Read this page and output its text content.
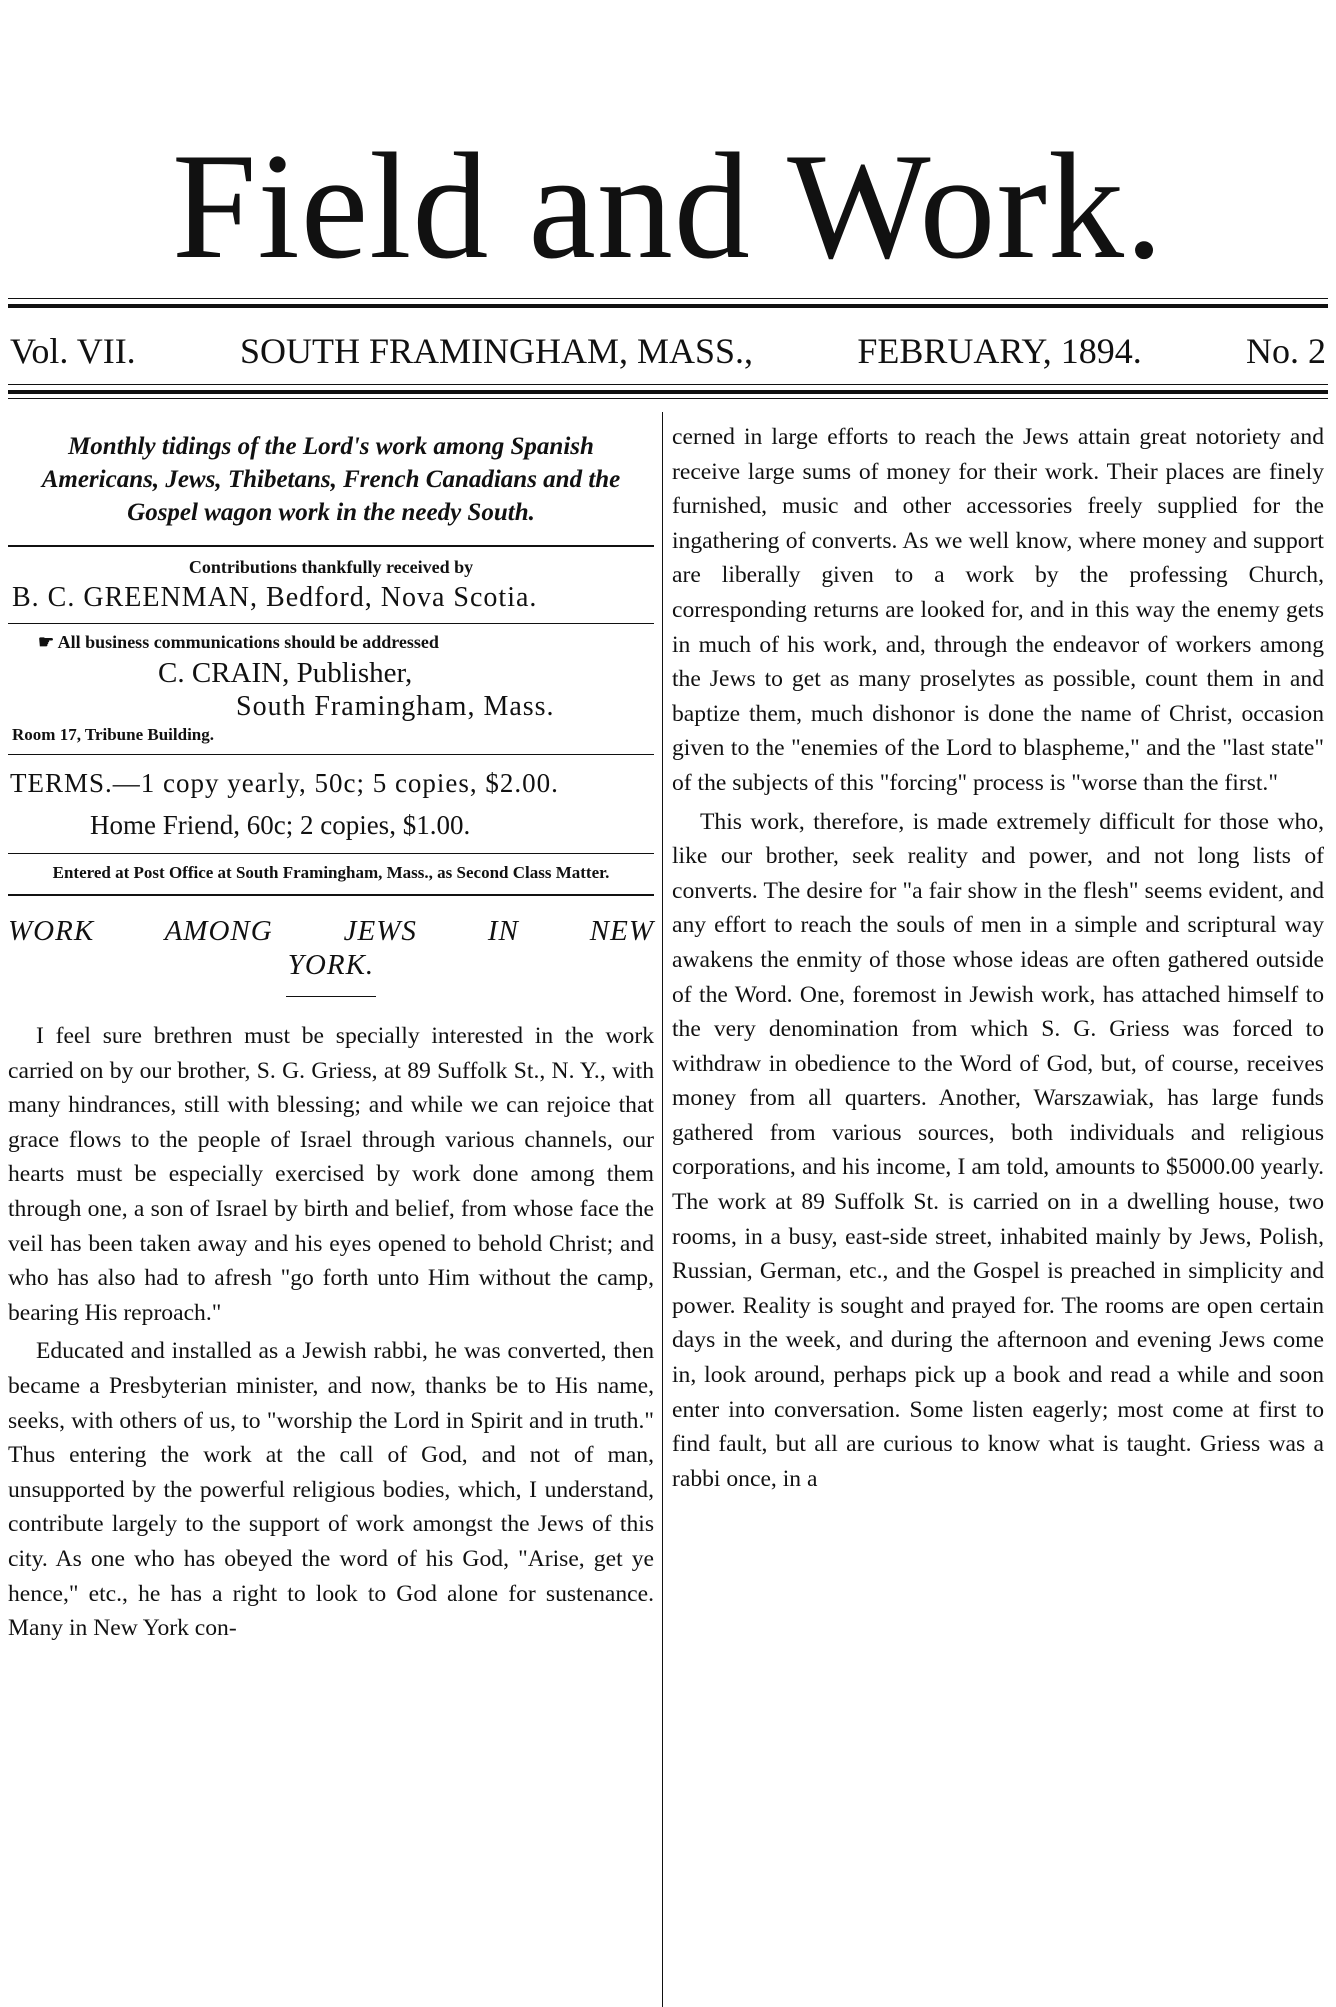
Field and Work.
Vol. VII.	SOUTH FRAMINGHAM, MASS.,	FEBRUARY, 1894.	No. 2

Monthly tidings of the Lord's work among Spanish Americans, Jews, Thibetans, French Canadians and the Gospel wagon work in the needy South.

Contributions thankfully received by

B. C. GREENMAN, Bedford, Nova Scotia.

☛ All business communications should be addressed

C. CRAIN, Publisher,

South Framingham, Mass.

Room 17, Tribune Building.

TERMS.—1 copy yearly, 50c; 5 copies, $2.00.

Home Friend, 60c; 2 copies, $1.00.

Entered at Post Office at South Framingham, Mass., as Second Class Matter.

WORK AMONG JEWS IN NEW

YORK.

I feel sure brethren must be specially interested in the work carried on by our brother, S. G. Griess, at 89 Suffolk St., N. Y., with many hindrances, still with blessing; and while we can rejoice that grace flows to the people of Israel through various channels, our hearts must be especially exercised by work done among them through one, a son of Israel by birth and belief, from whose face the veil has been taken away and his eyes opened to behold Christ; and who has also had to afresh "go forth unto Him without the camp, bearing His reproach."

Educated and installed as a Jewish rabbi, he was converted, then became a Presbyterian minister, and now, thanks be to His name, seeks, with others of us, to "worship the Lord in Spirit and in truth." Thus entering the work at the call of God, and not of man, unsupported by the powerful religious bodies, which, I understand, contribute largely to the support of work amongst the Jews of this city. As one who has obeyed the word of his God, "Arise, get ye hence," etc., he has a right to look to God alone for sustenance. Many in New York con-

cerned in large efforts to reach the Jews attain great notoriety and receive large sums of money for their work. Their places are finely furnished, music and other accessories freely supplied for the ingathering of converts. As we well know, where money and support are liberally given to a work by the professing Church, corresponding returns are looked for, and in this way the enemy gets in much of his work, and, through the endeavor of workers among the Jews to get as many proselytes as possible, count them in and baptize them, much dishonor is done the name of Christ, occasion given to the "enemies of the Lord to blaspheme," and the "last state" of the subjects of this "forcing" process is "worse than the first."

This work, therefore, is made extremely difficult for those who, like our brother, seek reality and power, and not long lists of converts. The desire for "a fair show in the flesh" seems evident, and any effort to reach the souls of men in a simple and scriptural way awakens the enmity of those whose ideas are often gathered outside of the Word. One, foremost in Jewish work, has attached himself to the very denomination from which S. G. Griess was forced to withdraw in obedience to the Word of God, but, of course, receives money from all quarters. Another, Warszawiak, has large funds gathered from various sources, both individuals and religious corporations, and his income, I am told, amounts to $5000.00 yearly. The work at 89 Suffolk St. is carried on in a dwelling house, two rooms, in a busy, east-side street, inhabited mainly by Jews, Polish, Russian, German, etc., and the Gospel is preached in simplicity and power. Reality is sought and prayed for. The rooms are open certain days in the week, and during the afternoon and evening Jews come in, look around, perhaps pick up a book and read a while and soon enter into conversation. Some listen eagerly; most come at first to find fault, but all are curious to know what is taught. Griess was a rabbi once, in a
